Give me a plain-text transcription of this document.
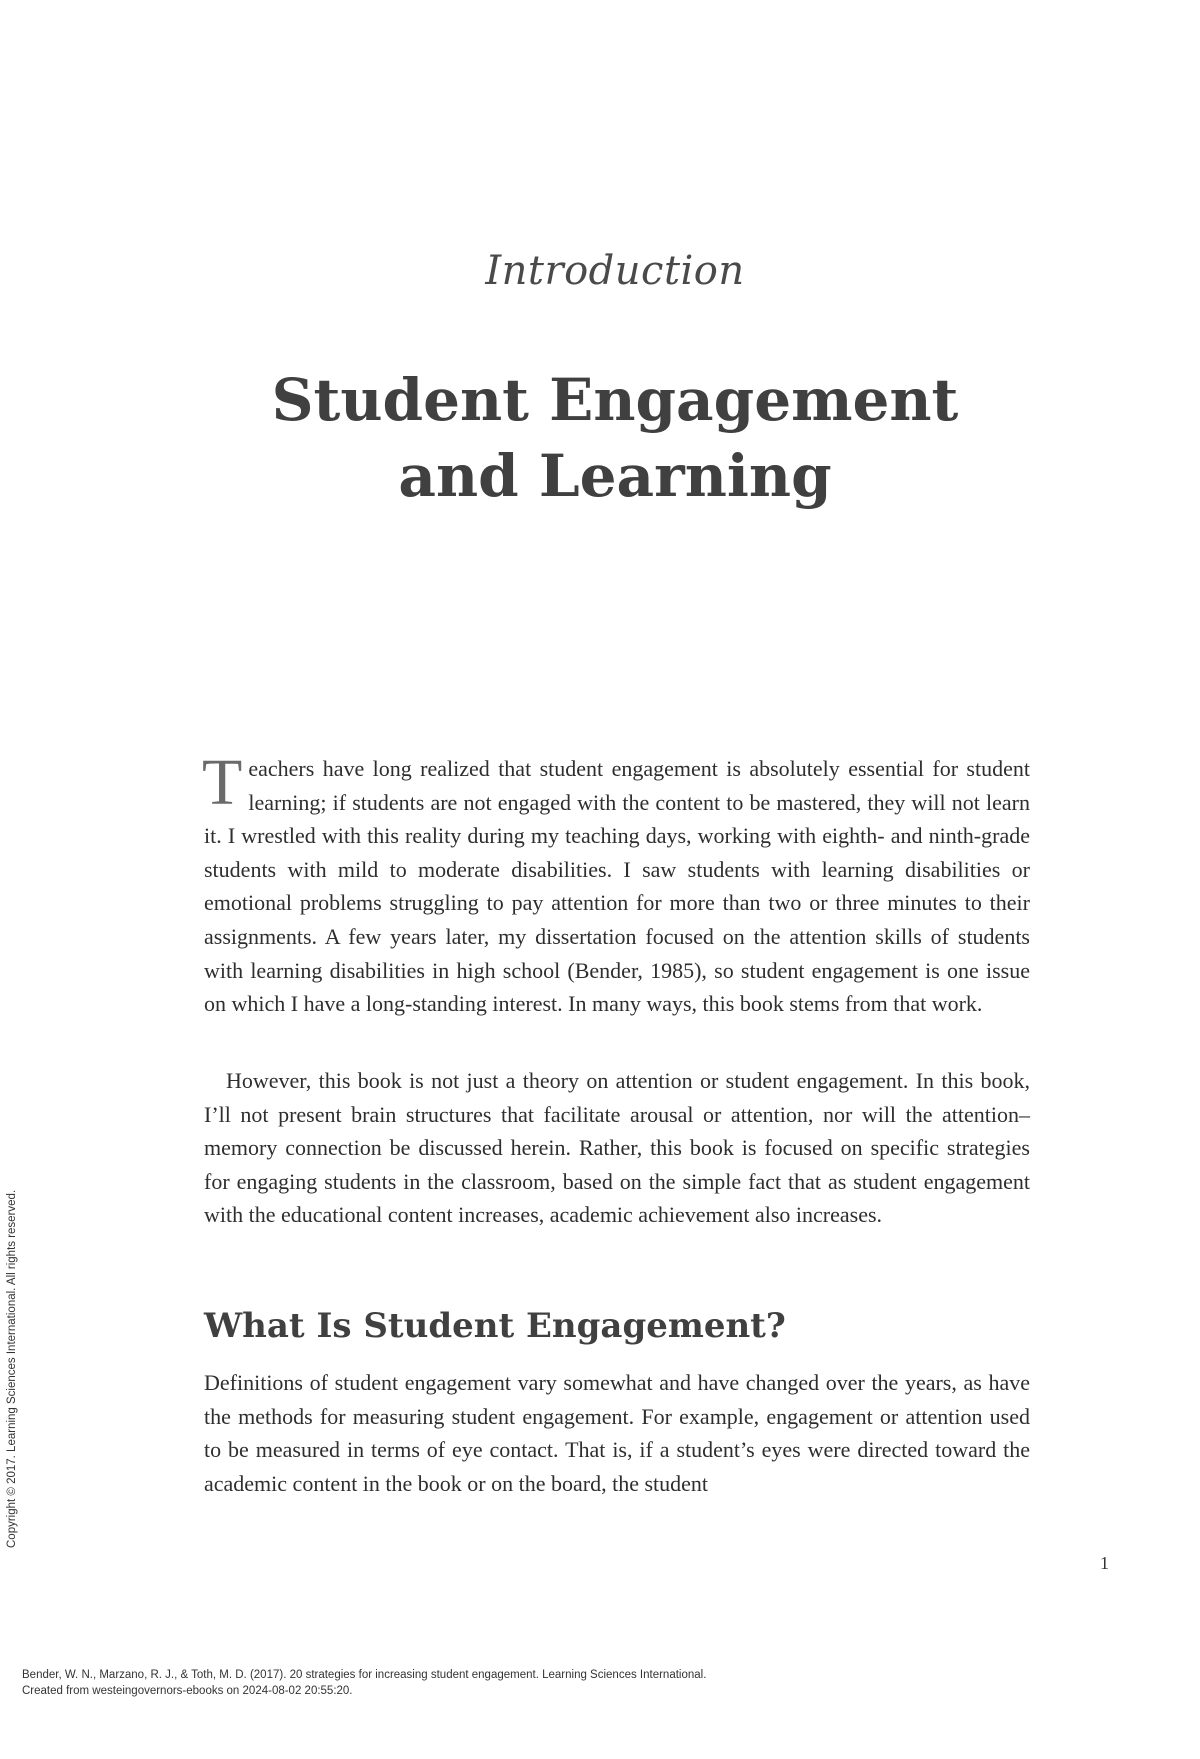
Introduction
Student Engagement
and Learning

Teachers have long realized that student engagement is absolutely essential for student learning; if students are not engaged with the content to be mastered, they will not learn it. I wrestled with this reality during my teaching days, working with eighth- and ninth-grade students with mild to moderate disabilities. I saw students with learning disabilities or emotional problems struggling to pay attention for more than two or three minutes to their assignments. A few years later, my dissertation focused on the attention skills of students with learning disabilities in high school (Bender, 1985), so student engagement is one issue on which I have a long-standing interest. In many ways, this book stems from that work.

However, this book is not just a theory on attention or student engagement. In this book, I’ll not present brain structures that facilitate arousal or attention, nor will the attention–memory connection be discussed herein. Rather, this book is focused on specific strategies for engaging students in the classroom, based on the simple fact that as student engagement with the educational content increases, academic achievement also increases.

What Is Student Engagement?

Definitions of student engagement vary somewhat and have changed over the years, as have the methods for measuring student engagement. For example, engagement or attention used to be measured in terms of eye contact. That is, if a student’s eyes were directed toward the academic content in the book or on the board, the student

1
Copyright © 2017. Learning Sciences International. All rights reserved.
Bender, W. N., Marzano, R. J., & Toth, M. D. (2017). 20 strategies for increasing student engagement. Learning Sciences International.
Created from westeingovernors-ebooks on 2024-08-02 20:55:20.
